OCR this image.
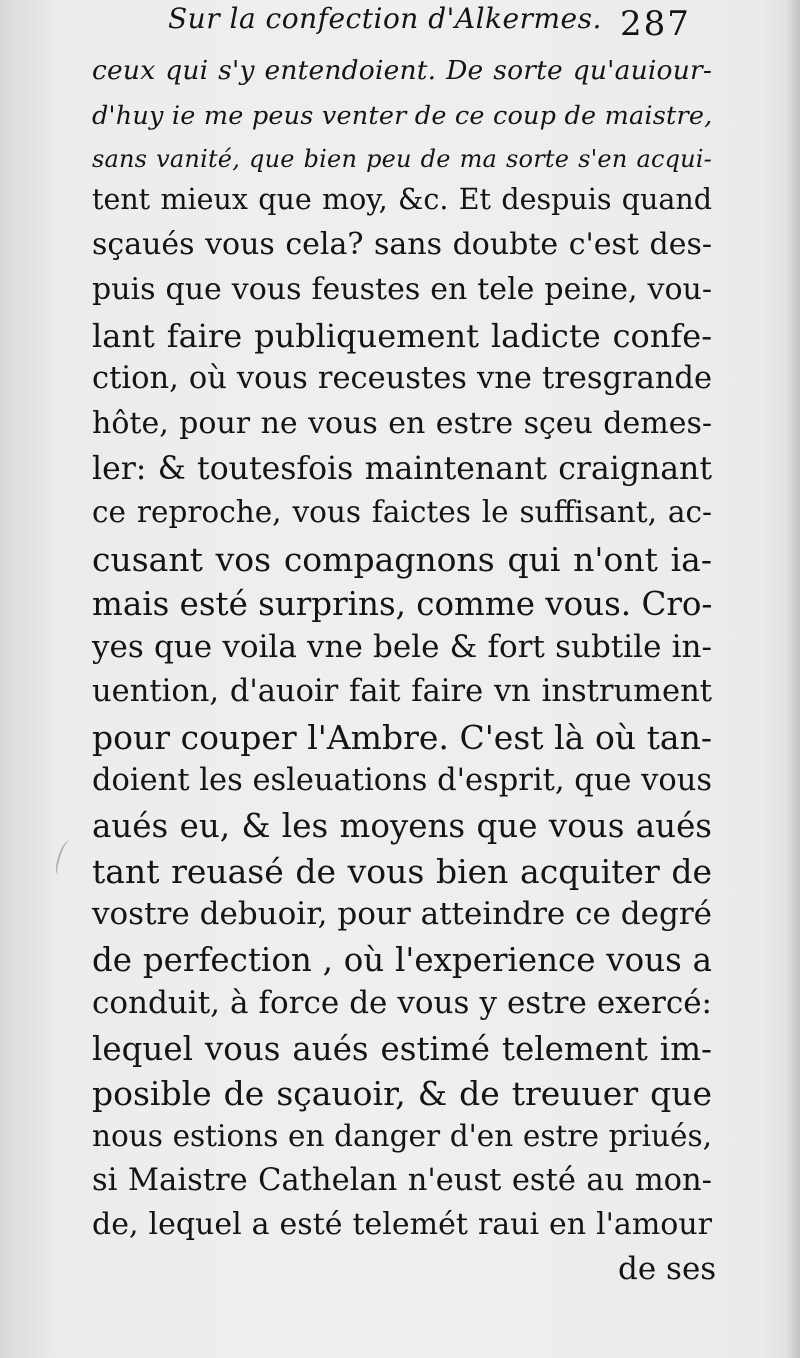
Sur la confection d'Alkermes. 287
ceux qui s'y entendoient. De sorte qu'auiour-
d'huy ie me peus venter de ce coup de maistre,
sans vanité, que bien peu de ma sorte s'en acqui-
tent mieux que moy, &c. Et despuis quand
sçaués vous cela? sans doubte c'est des-
puis que vous feustes en tele peine, vou-
lant faire publiquement ladicte confe-
ction, où vous receustes vne tresgrande
hôte, pour ne vous en estre sçeu demes-
ler: & toutesfois maintenant craignant
ce reproche, vous faictes le suffisant, ac-
cusant vos compagnons qui n'ont ia-
mais esté surprins, comme vous. Cro-
yes que voila vne bele & fort subtile in-
uention, d'auoir fait faire vn instrument
pour couper l'Ambre. C'est là où tan-
doient les esleuations d'esprit, que vous
aués eu, & les moyens que vous aués
tant reuasé de vous bien acquiter de
vostre debuoir, pour atteindre ce degré
de perfection , où l'experience vous a
conduit, à force de vous y estre exercé:
lequel vous aués estimé telement im-
posible de sçauoir, & de treuuer que
nous estions en danger d'en estre priués,
si Maistre Cathelan n'eust esté au mon-
de, lequel a esté telemét raui en l'amour
de ses
